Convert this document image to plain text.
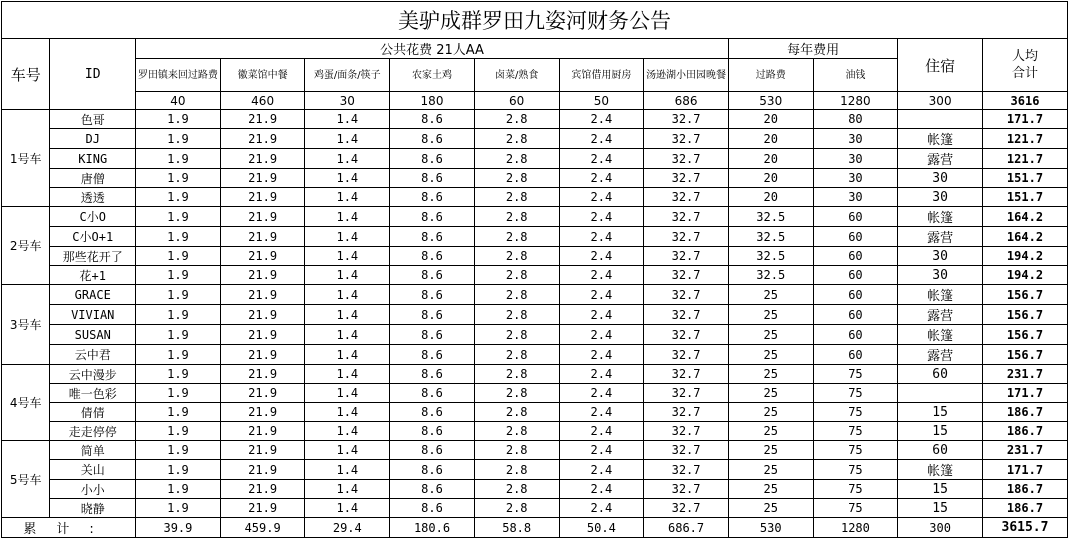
美驴成群罗田九姿河财务公告												
车号	ID	公共花费 21人AA							每年费用		住宿	人均
合计
		罗田镇来回过路费	徽菜馆中餐	鸡蛋/面条/筷子	农家土鸡	卤菜/熟食	宾馆借用厨房	汤逊湖小田园晚餐	过路费	油钱		
		40	460	30	180	60	50	686	530	1280	300	3616
1号车	色哥	1.9	21.9	1.4	8.6	2.8	2.4	32.7	20	80		171.7
	DJ	1.9	21.9	1.4	8.6	2.8	2.4	32.7	20	30	帐篷	121.7
	KING	1.9	21.9	1.4	8.6	2.8	2.4	32.7	20	30	露营	121.7
	唐僧	1.9	21.9	1.4	8.6	2.8	2.4	32.7	20	30	30	151.7
	透透	1.9	21.9	1.4	8.6	2.8	2.4	32.7	20	30	30	151.7
2号车	C小O	1.9	21.9	1.4	8.6	2.8	2.4	32.7	32.5	60	帐篷	164.2
	C小O+1	1.9	21.9	1.4	8.6	2.8	2.4	32.7	32.5	60	露营	164.2
	那些花开了	1.9	21.9	1.4	8.6	2.8	2.4	32.7	32.5	60	30	194.2
	花+1	1.9	21.9	1.4	8.6	2.8	2.4	32.7	32.5	60	30	194.2
3号车	GRACE	1.9	21.9	1.4	8.6	2.8	2.4	32.7	25	60	帐篷	156.7
	VIVIAN	1.9	21.9	1.4	8.6	2.8	2.4	32.7	25	60	露营	156.7
	SUSAN	1.9	21.9	1.4	8.6	2.8	2.4	32.7	25	60	帐篷	156.7
	云中君	1.9	21.9	1.4	8.6	2.8	2.4	32.7	25	60	露营	156.7
4号车	云中漫步	1.9	21.9	1.4	8.6	2.8	2.4	32.7	25	75	60	231.7
	唯一色彩	1.9	21.9	1.4	8.6	2.8	2.4	32.7	25	75		171.7
	倩倩	1.9	21.9	1.4	8.6	2.8	2.4	32.7	25	75	15	186.7
	走走停停	1.9	21.9	1.4	8.6	2.8	2.4	32.7	25	75	15	186.7
5号车	简单	1.9	21.9	1.4	8.6	2.8	2.4	32.7	25	75	60	231.7
	关山	1.9	21.9	1.4	8.6	2.8	2.4	32.7	25	75	帐篷	171.7
	小小	1.9	21.9	1.4	8.6	2.8	2.4	32.7	25	75	15	186.7
	晓静	1.9	21.9	1.4	8.6	2.8	2.4	32.7	25	75	15	186.7
累计:		39.9	459.9	29.4	180.6	58.8	50.4	686.7	530	1280	300	3615.7
